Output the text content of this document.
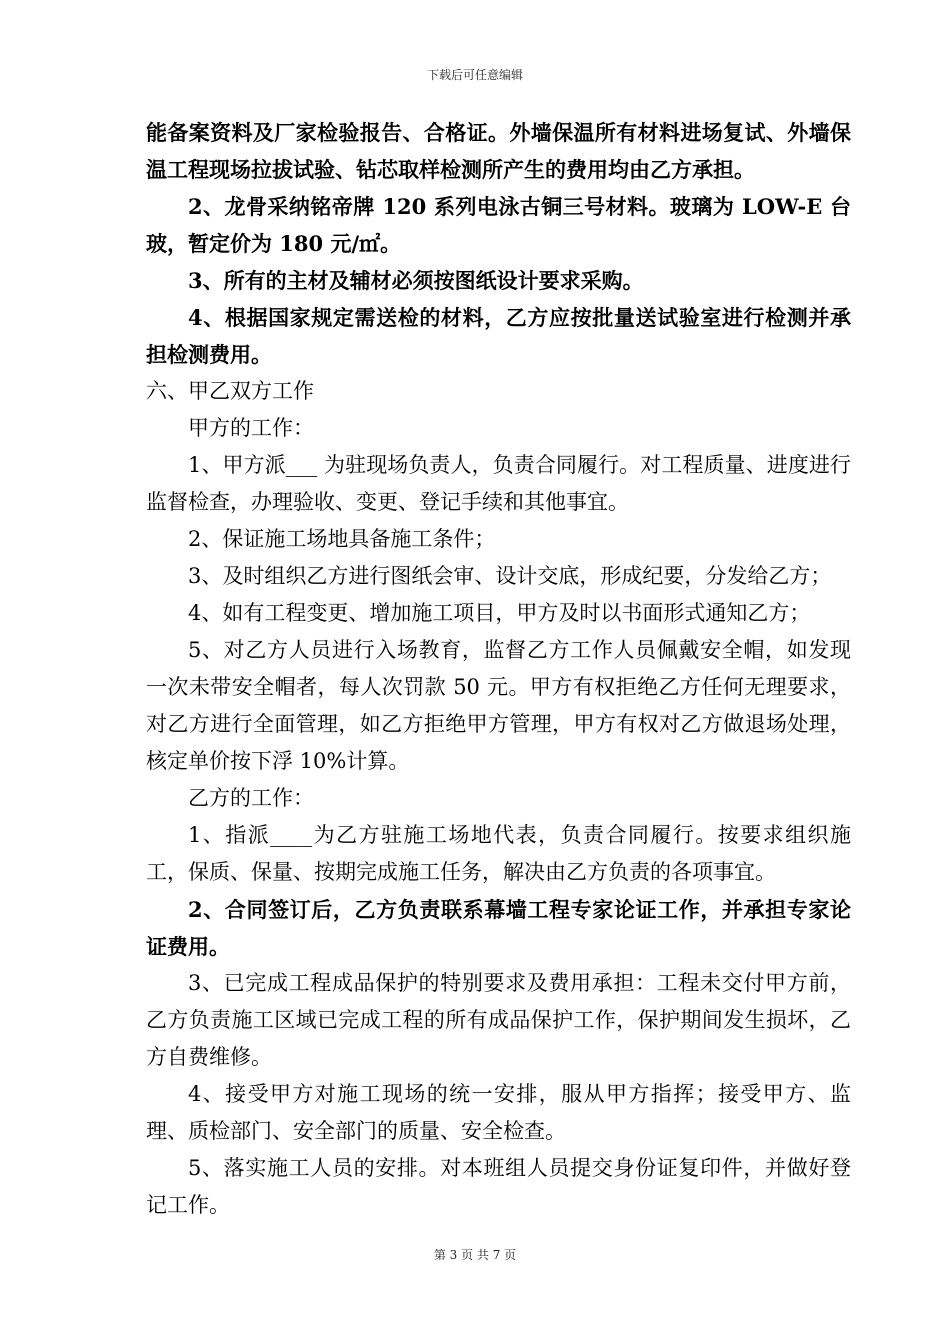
下载后可任意编辑

能备案资料及厂家检验报告、合格证。外墙保温所有材料进场复试、外墙保温工程现场拉拔试验、钻芯取样检测所产生的费用均由乙方承担。

2、龙骨采纳铭帝牌 120 系列电泳古铜三号材料。玻璃为 LOW-E 台玻，暂定价为 180 元/㎡。

3、所有的主材及辅材必须按图纸设计要求采购。

4、根据国家规定需送检的材料，乙方应按批量送试验室进行检测并承担检测费用。

六、甲乙双方工作

甲方的工作：

1、甲方派___ 为驻现场负责人，负责合同履行。对工程质量、进度进行监督检查，办理验收、变更、登记手续和其他事宜。

2、保证施工场地具备施工条件；

3、及时组织乙方进行图纸会审、设计交底，形成纪要，分发给乙方；

4、如有工程变更、增加施工项目，甲方及时以书面形式通知乙方；

5、对乙方人员进行入场教育，监督乙方工作人员佩戴安全帽，如发现一次未带安全帽者，每人次罚款 50 元。甲方有权拒绝乙方任何无理要求，对乙方进行全面管理，如乙方拒绝甲方管理，甲方有权对乙方做退场处理，核定单价按下浮 10%计算。

乙方的工作：

1、指派____为乙方驻施工场地代表，负责合同履行。按要求组织施工，保质、保量、按期完成施工任务，解决由乙方负责的各项事宜。

2、合同签订后，乙方负责联系幕墙工程专家论证工作，并承担专家论证费用。

3、已完成工程成品保护的特别要求及费用承担：工程未交付甲方前，乙方负责施工区域已完成工程的所有成品保护工作，保护期间发生损坏，乙方自费维修。

4、接受甲方对施工现场的统一安排，服从甲方指挥；接受甲方、监理、质检部门、安全部门的质量、安全检查。

5、落实施工人员的安排。对本班组人员提交身份证复印件，并做好登记工作。

第 3 页 共 7 页
